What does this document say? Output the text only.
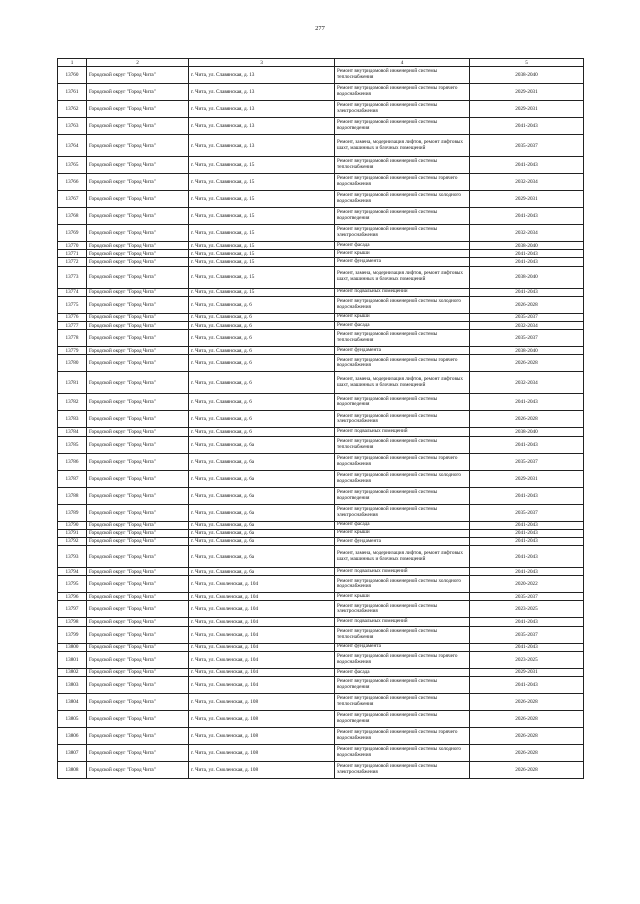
277
1	2	3	4	5
13760	Городской округ "Город Чита"	г. Чита, ул. Славянская, д. 13	Ремонт внутридомовой инженерной системы теплоснабжения	2038-2040
13761	Городской округ "Город Чита"	г. Чита, ул. Славянская, д. 13	Ремонт внутридомовой инженерной системы горячего водоснабжения	2029-2031
13762	Городской округ "Город Чита"	г. Чита, ул. Славянская, д. 13	Ремонт внутридомовой инженерной системы электроснабжения	2029-2031
13763	Городской округ "Город Чита"	г. Чита, ул. Славянская, д. 13	Ремонт внутридомовой инженерной системы водоотведения	2041-2043
13764	Городской округ "Город Чита"	г. Чита, ул. Славянская, д. 13	Ремонт, замена, модернизация лифтов, ремонт лифтовых шахт, машинных и блочных помещений	2035-2037
13765	Городской округ "Город Чита"	г. Чита, ул. Славянская, д. 15	Ремонт внутридомовой инженерной системы теплоснабжения	2041-2043
13766	Городской округ "Город Чита"	г. Чита, ул. Славянская, д. 15	Ремонт внутридомовой инженерной системы горячего водоснабжения	2032-2034
13767	Городской округ "Город Чита"	г. Чита, ул. Славянская, д. 15	Ремонт внутридомовой инженерной системы холодного водоснабжения	2029-2031
13768	Городской округ "Город Чита"	г. Чита, ул. Славянская, д. 15	Ремонт внутридомовой инженерной системы водоотведения	2041-2043
13769	Городской округ "Город Чита"	г. Чита, ул. Славянская, д. 15	Ремонт внутридомовой инженерной системы электроснабжения	2032-2034
13770	Городской округ "Город Чита"	г. Чита, ул. Славянская, д. 15	Ремонт фасада	2038-2040
13771	Городской округ "Город Чита"	г. Чита, ул. Славянская, д. 15	Ремонт крыши	2041-2043
13772	Городской округ "Город Чита"	г. Чита, ул. Славянская, д. 15	Ремонт фундамента	2041-2043
13773	Городской округ "Город Чита"	г. Чита, ул. Славянская, д. 15	Ремонт, замена, модернизация лифтов, ремонт лифтовых шахт, машинных и блочных помещений	2038-2040
13774	Городской округ "Город Чита"	г. Чита, ул. Славянская, д. 15	Ремонт подвальных помещений	2041-2043
13775	Городской округ "Город Чита"	г. Чита, ул. Славянская, д. 6	Ремонт внутридомовой инженерной системы холодного водоснабжения	2026-2028
13776	Городской округ "Город Чита"	г. Чита, ул. Славянская, д. 6	Ремонт крыши	2035-2037
13777	Городской округ "Город Чита"	г. Чита, ул. Славянская, д. 6	Ремонт фасада	2032-2034
13778	Городской округ "Город Чита"	г. Чита, ул. Славянская, д. 6	Ремонт внутридомовой инженерной системы теплоснабжения	2035-2037
13779	Городской округ "Город Чита"	г. Чита, ул. Славянская, д. 6	Ремонт фундамента	2038-2040
13780	Городской округ "Город Чита"	г. Чита, ул. Славянская, д. 6	Ремонт внутридомовой инженерной системы горячего водоснабжения	2026-2028
13781	Городской округ "Город Чита"	г. Чита, ул. Славянская, д. 6	Ремонт, замена, модернизация лифтов, ремонт лифтовых шахт, машинных и блочных помещений	2032-2034
13782	Городской округ "Город Чита"	г. Чита, ул. Славянская, д. 6	Ремонт внутридомовой инженерной системы водоотведения	2041-2043
13783	Городской округ "Город Чита"	г. Чита, ул. Славянская, д. 6	Ремонт внутридомовой инженерной системы электроснабжения	2026-2028
13784	Городской округ "Город Чита"	г. Чита, ул. Славянская, д. 6	Ремонт подвальных помещений	2038-2040
13785	Городской округ "Город Чита"	г. Чита, ул. Славянская, д. 6а	Ремонт внутридомовой инженерной системы теплоснабжения	2041-2043
13786	Городской округ "Город Чита"	г. Чита, ул. Славянская, д. 6а	Ремонт внутридомовой инженерной системы горячего водоснабжения	2035-2037
13787	Городской округ "Город Чита"	г. Чита, ул. Славянская, д. 6а	Ремонт внутридомовой инженерной системы холодного водоснабжения	2029-2031
13788	Городской округ "Город Чита"	г. Чита, ул. Славянская, д. 6а	Ремонт внутридомовой инженерной системы водоотведения	2041-2043
13789	Городской округ "Город Чита"	г. Чита, ул. Славянская, д. 6а	Ремонт внутридомовой инженерной системы электроснабжения	2035-2037
13790	Городской округ "Город Чита"	г. Чита, ул. Славянская, д. 6а	Ремонт фасада	2041-2043
13791	Городской округ "Город Чита"	г. Чита, ул. Славянская, д. 6а	Ремонт крыши	2041-2043
13792	Городской округ "Город Чита"	г. Чита, ул. Славянская, д. 6а	Ремонт фундамента	2041-2043
13793	Городской округ "Город Чита"	г. Чита, ул. Славянская, д. 6а	Ремонт, замена, модернизация лифтов, ремонт лифтовых шахт, машинных и блочных помещений	2041-2043
13794	Городской округ "Город Чита"	г. Чита, ул. Славянская, д. 6а	Ремонт подвальных помещений	2041-2043
13795	Городской округ "Город Чита"	г. Чита, ул. Смоленская, д. 104	Ремонт внутридомовой инженерной системы холодного водоснабжения	2020-2022
13796	Городской округ "Город Чита"	г. Чита, ул. Смоленская, д. 104	Ремонт крыши	2035-2037
13797	Городской округ "Город Чита"	г. Чита, ул. Смоленская, д. 104	Ремонт внутридомовой инженерной системы электроснабжения	2023-2025
13798	Городской округ "Город Чита"	г. Чита, ул. Смоленская, д. 104	Ремонт подвальных помещений	2041-2043
13799	Городской округ "Город Чита"	г. Чита, ул. Смоленская, д. 104	Ремонт внутридомовой инженерной системы теплоснабжения	2035-2037
13800	Городской округ "Город Чита"	г. Чита, ул. Смоленская, д. 104	Ремонт фундамента	2041-2043
13801	Городской округ "Город Чита"	г. Чита, ул. Смоленская, д. 104	Ремонт внутридомовой инженерной системы горячего водоснабжения	2023-2025
13802	Городской округ "Город Чита"	г. Чита, ул. Смоленская, д. 104	Ремонт фасада	2029-2031
13803	Городской округ "Город Чита"	г. Чита, ул. Смоленская, д. 104	Ремонт внутридомовой инженерной системы водоотведения	2041-2043
13804	Городской округ "Город Чита"	г. Чита, ул. Смоленская, д. 108	Ремонт внутридомовой инженерной системы теплоснабжения	2026-2028
13805	Городской округ "Город Чита"	г. Чита, ул. Смоленская, д. 108	Ремонт внутридомовой инженерной системы водоотведения	2026-2028
13806	Городской округ "Город Чита"	г. Чита, ул. Смоленская, д. 108	Ремонт внутридомовой инженерной системы горячего водоснабжения	2026-2028
13807	Городской округ "Город Чита"	г. Чита, ул. Смоленская, д. 108	Ремонт внутридомовой инженерной системы холодного водоснабжения	2026-2028
13808	Городской округ "Город Чита"	г. Чита, ул. Смоленская, д. 108	Ремонт внутридомовой инженерной системы электроснабжения	2026-2028
